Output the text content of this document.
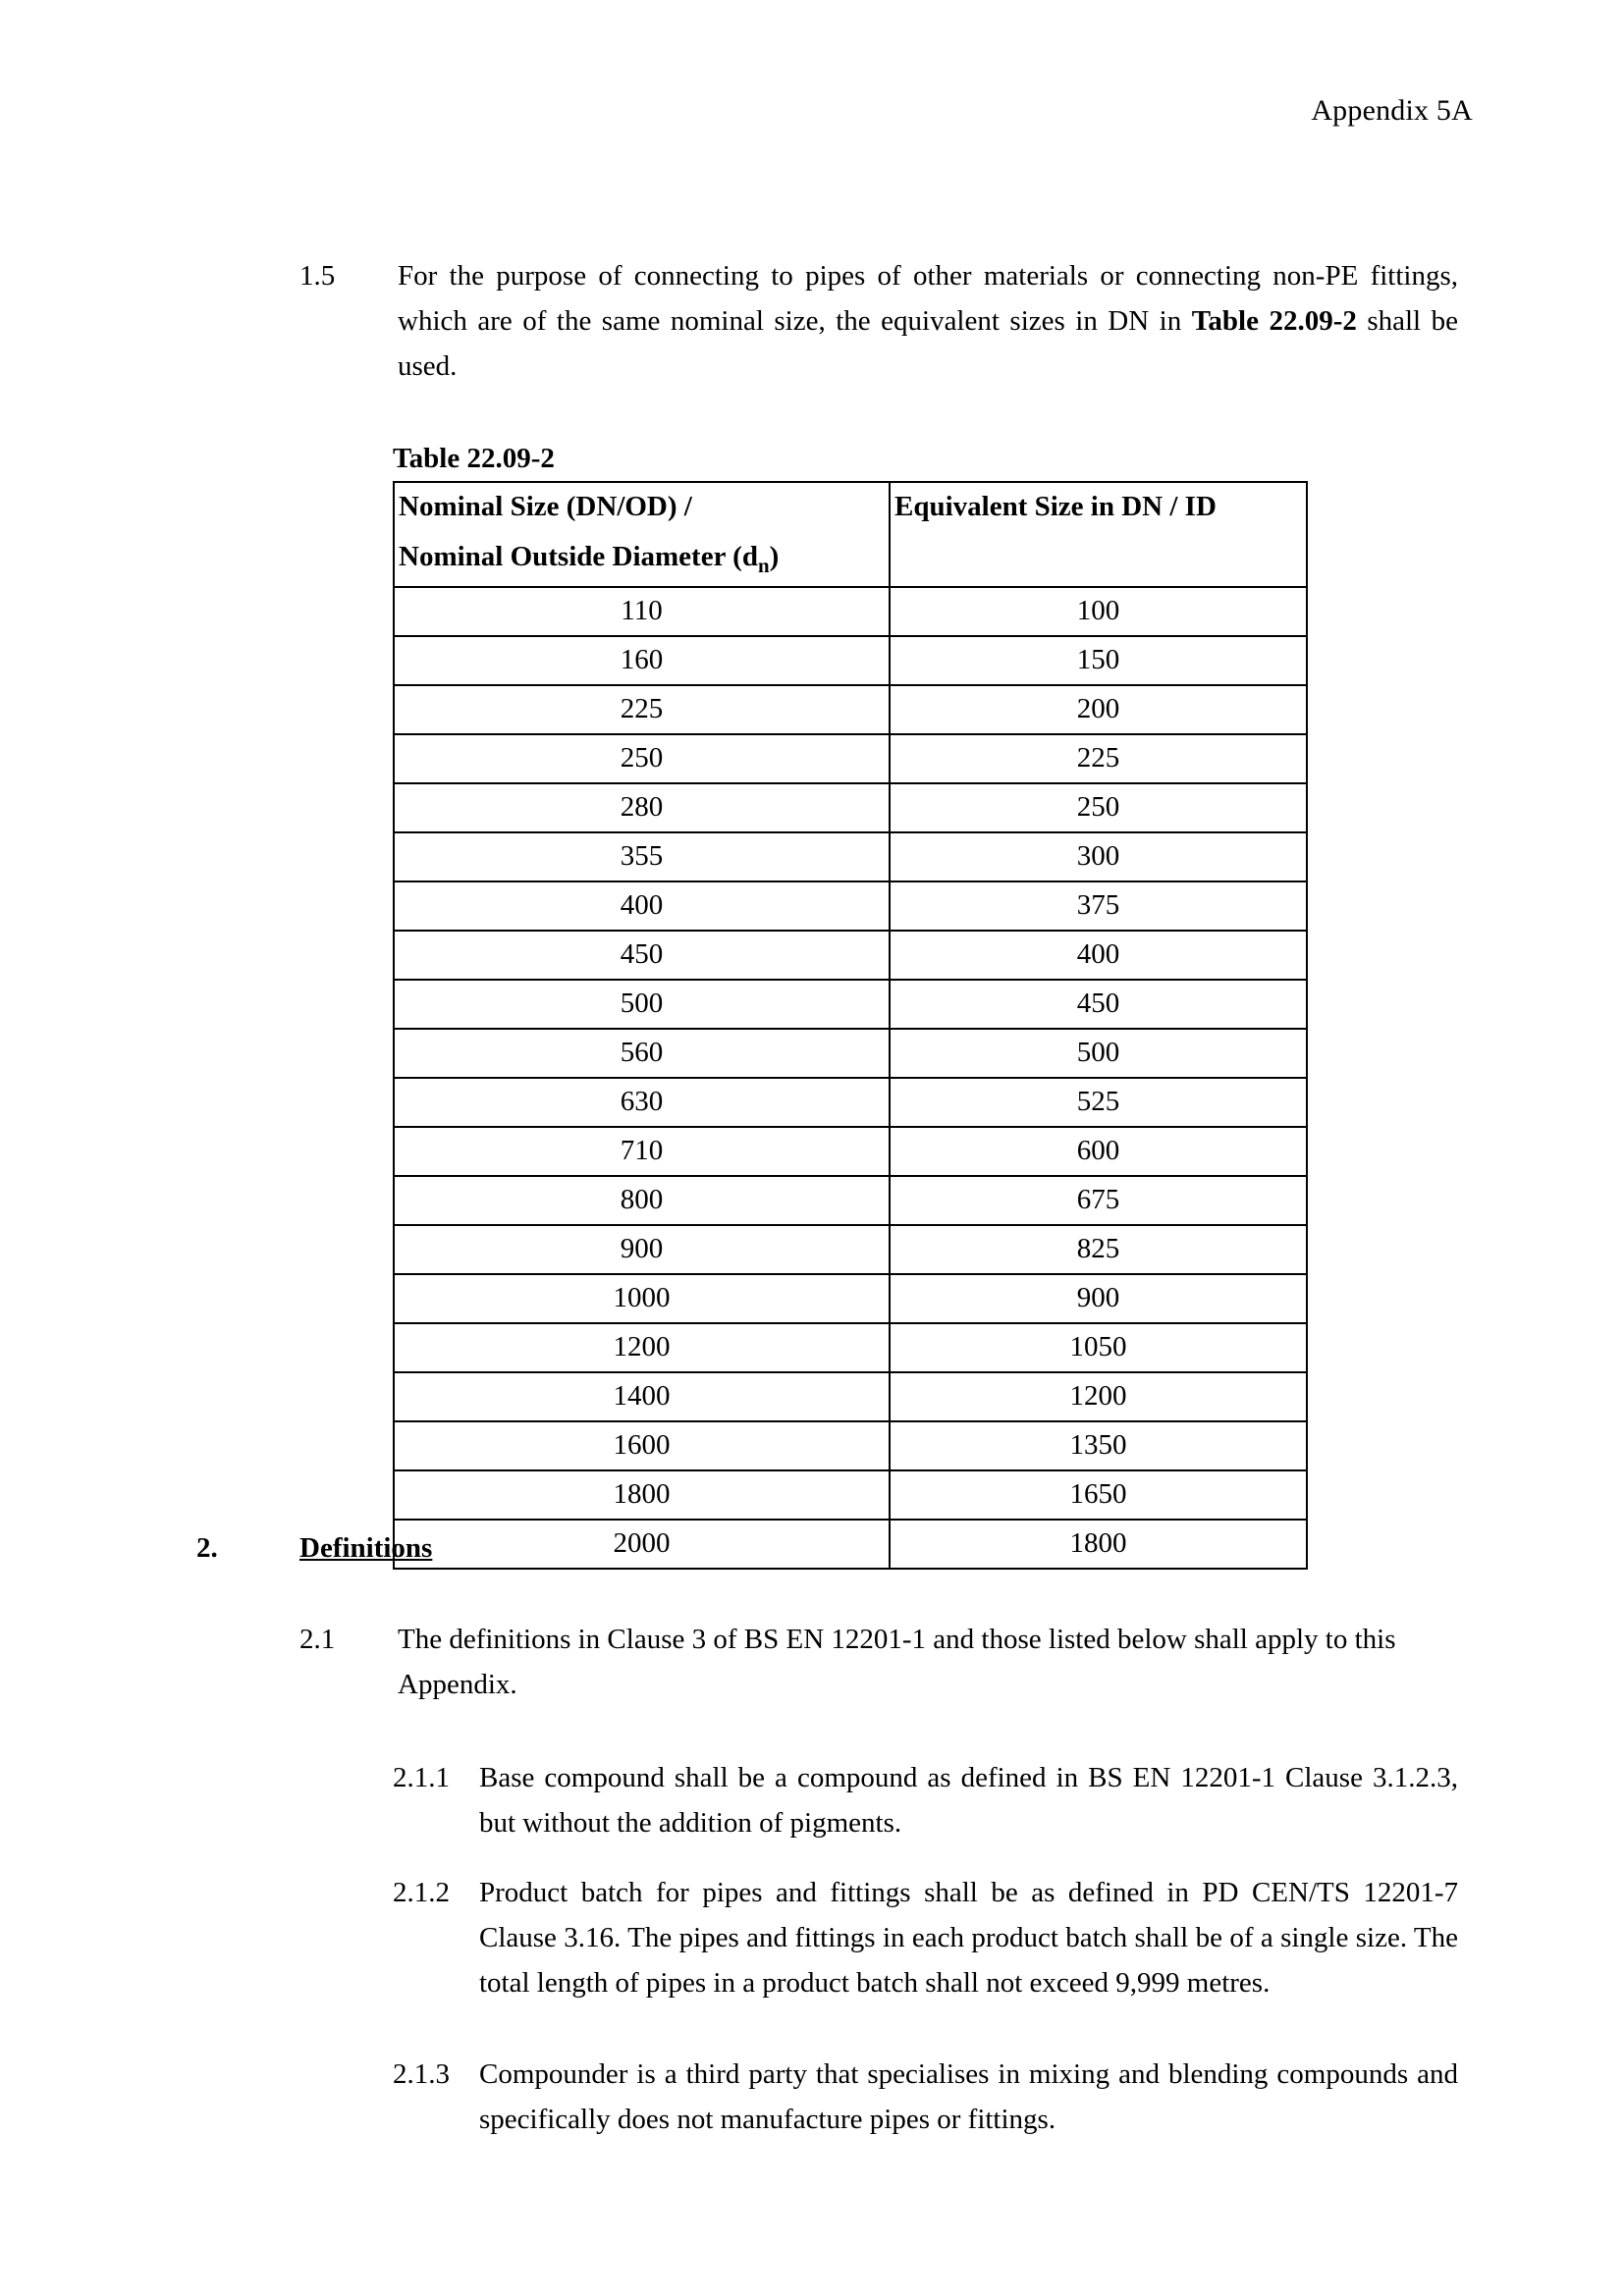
Appendix 5A
1.5	For the purpose of connecting to pipes of other materials or connecting non-PE fittings, which are of the same nominal size, the equivalent sizes in DN in Table 22.09-2 shall be used.
Table 22.09-2
Nominal Size (DN/OD) /
Nominal Outside Diameter $(d_n)$	Equivalent Size in DN / ID

110	100
160	150
225	200
250	225
280	250
355	300
400	375
450	400
500	450
560	500
630	525
710	600
800	675
900	825
1000	900
1200	1050
1400	1200
1600	1350
1800	1650
2000	1800
2.	Definitions
2.1	The definitions in Clause 3 of BS EN 12201-1 and those listed below shall apply to this Appendix.
2.1.1	Base compound shall be a compound as defined in BS EN 12201-1 Clause 3.1.2.3, but without the addition of pigments.
2.1.2	Product batch for pipes and fittings shall be as defined in PD CEN/TS 12201-7 Clause 3.16. The pipes and fittings in each product batch shall be of a single size. The total length of pipes in a product batch shall not exceed 9,999 metres.
2.1.3	Compounder is a third party that specialises in mixing and blending compounds and specifically does not manufacture pipes or fittings.
